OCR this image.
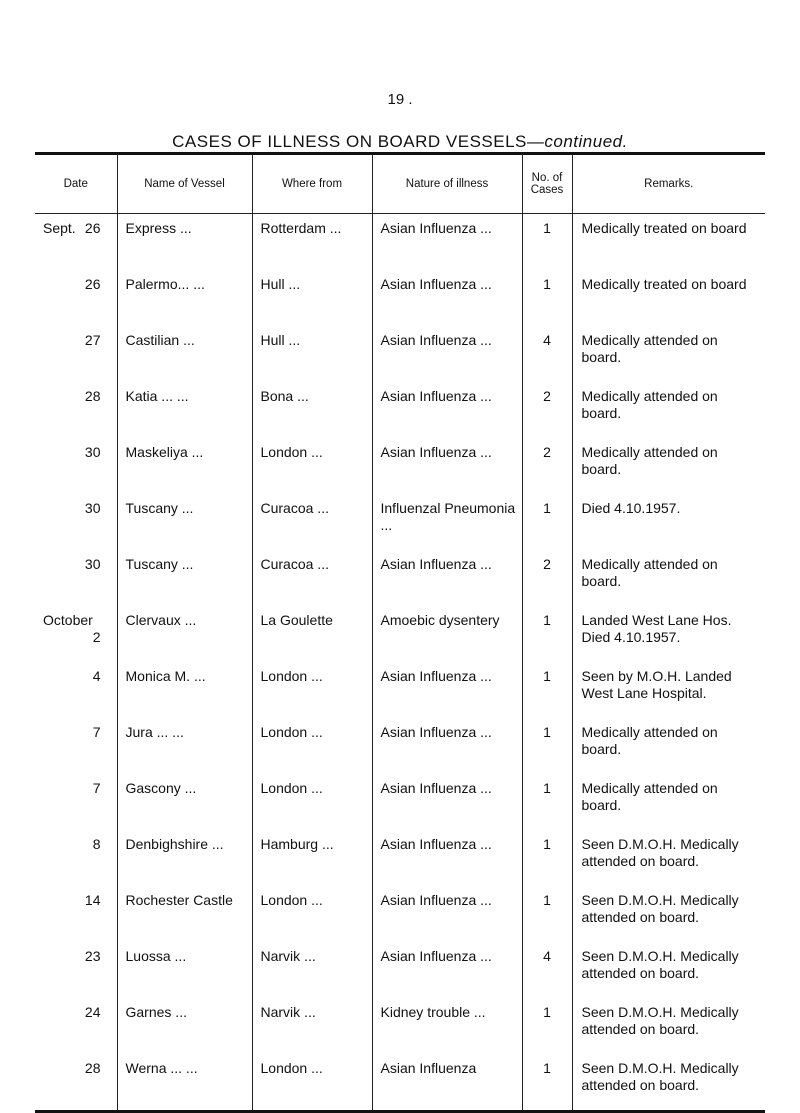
19 .
CASES OF ILLNESS ON BOARD VESSELS—continued.
Date	Name of Vessel	Where from	Nature of illness	No. of Cases	Remarks.

Sept. 26	Express ...	Rotterdam ...	Asian Influenza ...	1	Medically treated on board

26	Palermo... ...	Hull ...	Asian Influenza ...	1	Medically treated on board

27	Castilian ...	Hull ...	Asian Influenza ...	4	Medically attended on
board.

28	Katia ... ...	Bona ...	Asian Influenza ...	2	Medically attended on
board.

30	Maskeliya ...	London ...	Asian Influenza ...	2	Medically attended on
board.

30	Tuscany ...	Curacoa ...	Influenzal Pneumonia ...	1	Died 4.10.1957.

30	Tuscany ...	Curacoa ...	Asian Influenza ...	2	Medically attended on
board.

October
2	Clervaux ...	La Goulette	Amoebic dysentery	1	Landed West Lane Hos.
Died 4.10.1957.

4	Monica M. ...	London ...	Asian Influenza ...	1	Seen by M.O.H. Landed
West Lane Hospital.

7	Jura ... ...	London ...	Asian Influenza ...	1	Medically attended on
board.

7	Gascony ...	London ...	Asian Influenza ...	1	Medically attended on
board.

8	Denbighshire ...	Hamburg ...	Asian Influenza ...	1	Seen D.M.O.H. Medically
attended on board.

14	Rochester Castle	London ...	Asian Influenza ...	1	Seen D.M.O.H. Medically
attended on board.

23	Luossa ...	Narvik ...	Asian Influenza ...	4	Seen D.M.O.H. Medically
attended on board.

24	Garnes ...	Narvik ...	Kidney trouble ...	1	Seen D.M.O.H. Medically
attended on board.

28	Werna ... ...	London ...	Asian Influenza	1	Seen D.M.O.H. Medically
attended on board.
